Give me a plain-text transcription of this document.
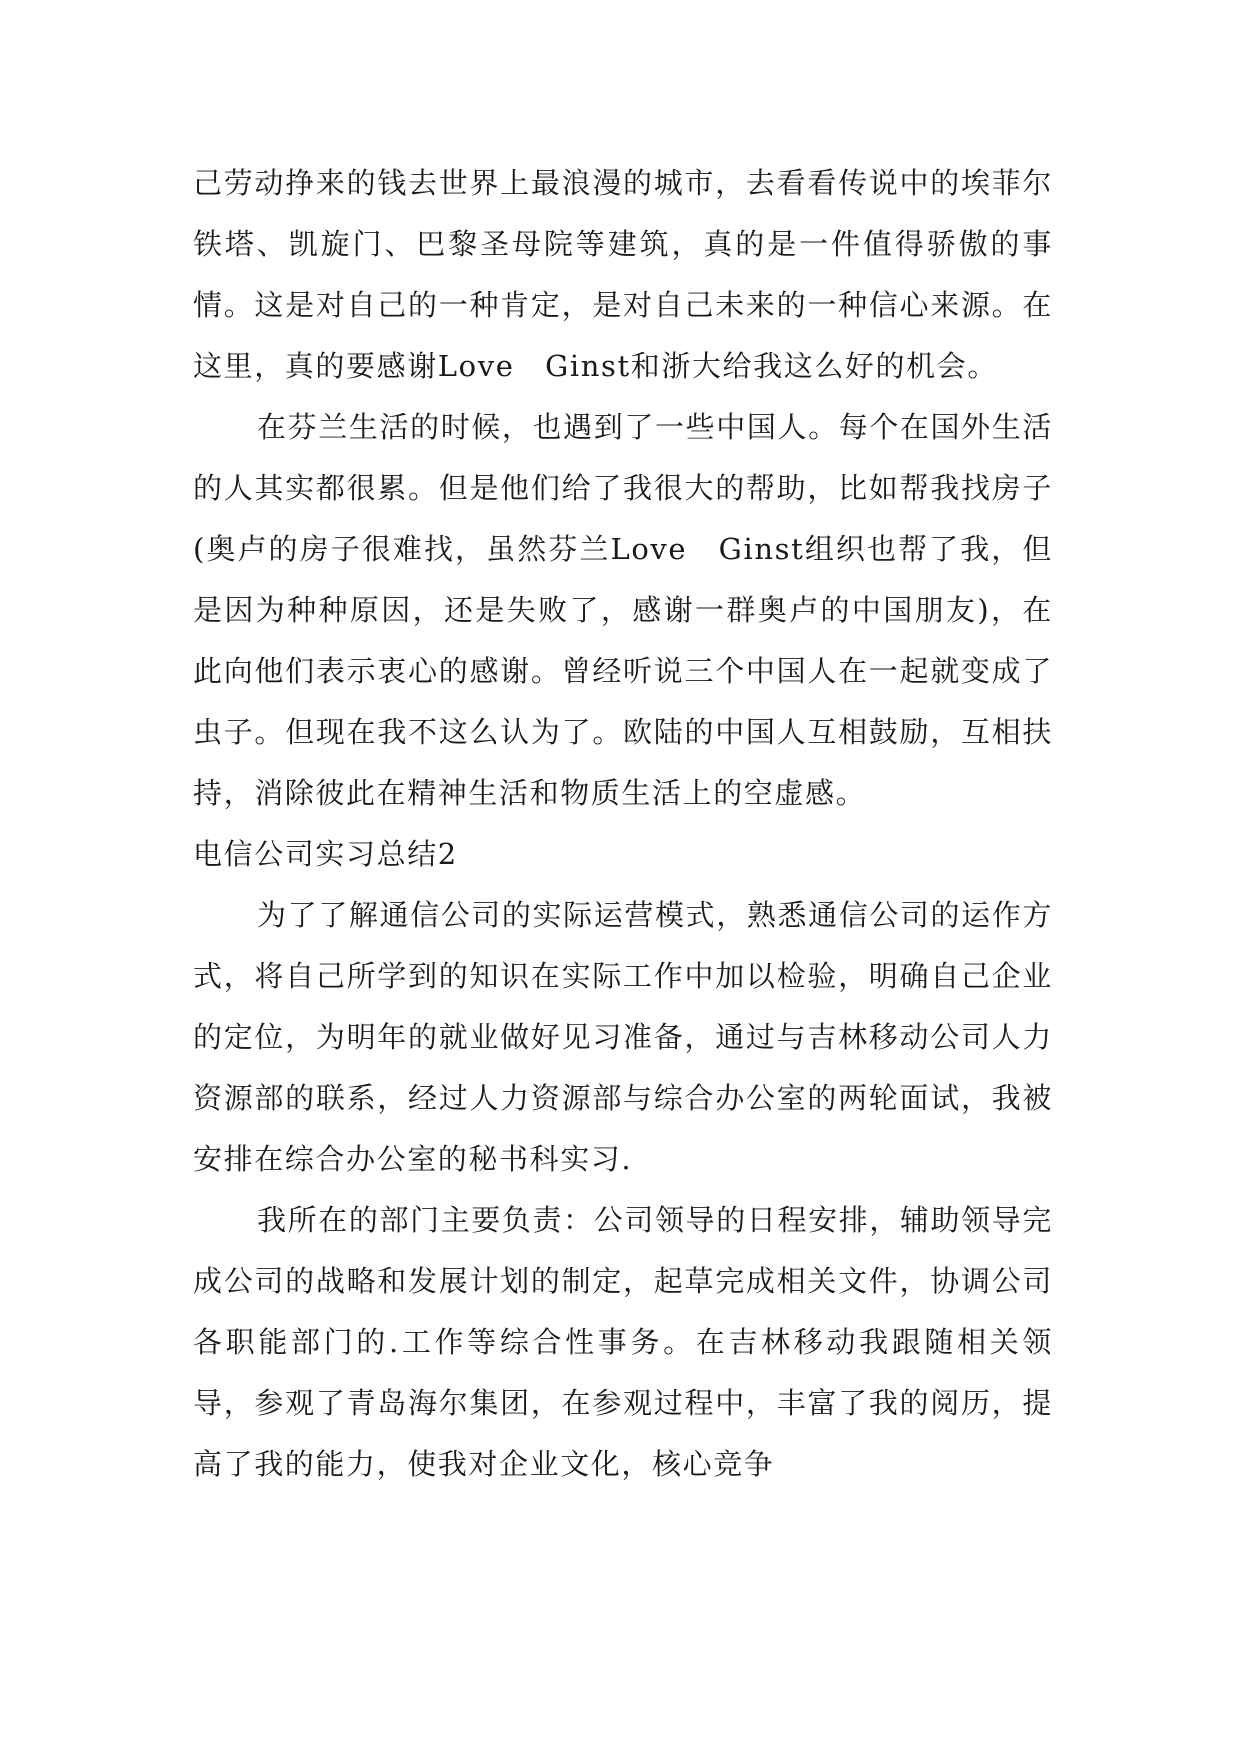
己劳动挣来的钱去世界上最浪漫的城市，去看看传说中的埃菲尔铁塔、凯旋门、巴黎圣母院等建筑，真的是一件值得骄傲的事情。这是对自己的一种肯定，是对自己未来的一种信心来源。在这里，真的要感谢Love　Ginst和浙大给我这么好的机会。

在芬兰生活的时候，也遇到了一些中国人。每个在国外生活的人其实都很累。但是他们给了我很大的帮助，比如帮我找房子(奥卢的房子很难找，虽然芬兰Love　Ginst组织也帮了我，但是因为种种原因，还是失败了，感谢一群奥卢的中国朋友)，在此向他们表示衷心的感谢。曾经听说三个中国人在一起就变成了虫子。但现在我不这么认为了。欧陆的中国人互相鼓励，互相扶持，消除彼此在精神生活和物质生活上的空虚感。

电信公司实习总结2

为了了解通信公司的实际运营模式，熟悉通信公司的运作方式，将自己所学到的知识在实际工作中加以检验，明确自己企业的定位，为明年的就业做好见习准备，通过与吉林移动公司人力资源部的联系，经过人力资源部与综合办公室的两轮面试，我被安排在综合办公室的秘书科实习.

我所在的部门主要负责：公司领导的日程安排，辅助领导完成公司的战略和发展计划的制定，起草完成相关文件，协调公司各职能部门的.工作等综合性事务。在吉林移动我跟随相关领导，参观了青岛海尔集团，在参观过程中，丰富了我的阅历，提高了我的能力，使我对企业文化，核心竞争
